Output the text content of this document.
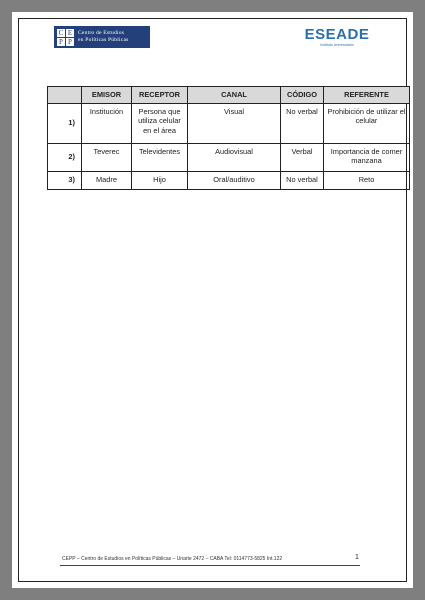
C E
P P
Centro de Estudios
en Políticas Públicas	ESEADE
Instituto Universitario
	EMISOR	RECEPTOR	CANAL	CÓDIGO	REFERENTE
1)	Institución	Persona que utiliza celular en el área	Visual	No verbal	Prohibición de utilizar el celular
2)	Teverec	Televidentes	Audiovisual	Verbal	Importancia de comer manzana
3)	Madre	Hijo	Oral/auditivo	No verbal	Reto
CEPP – Centro de Estudios en Políticas Públicas – Uriarte 2472 – CABA Tel: 0114773-5825 Int.122	1
